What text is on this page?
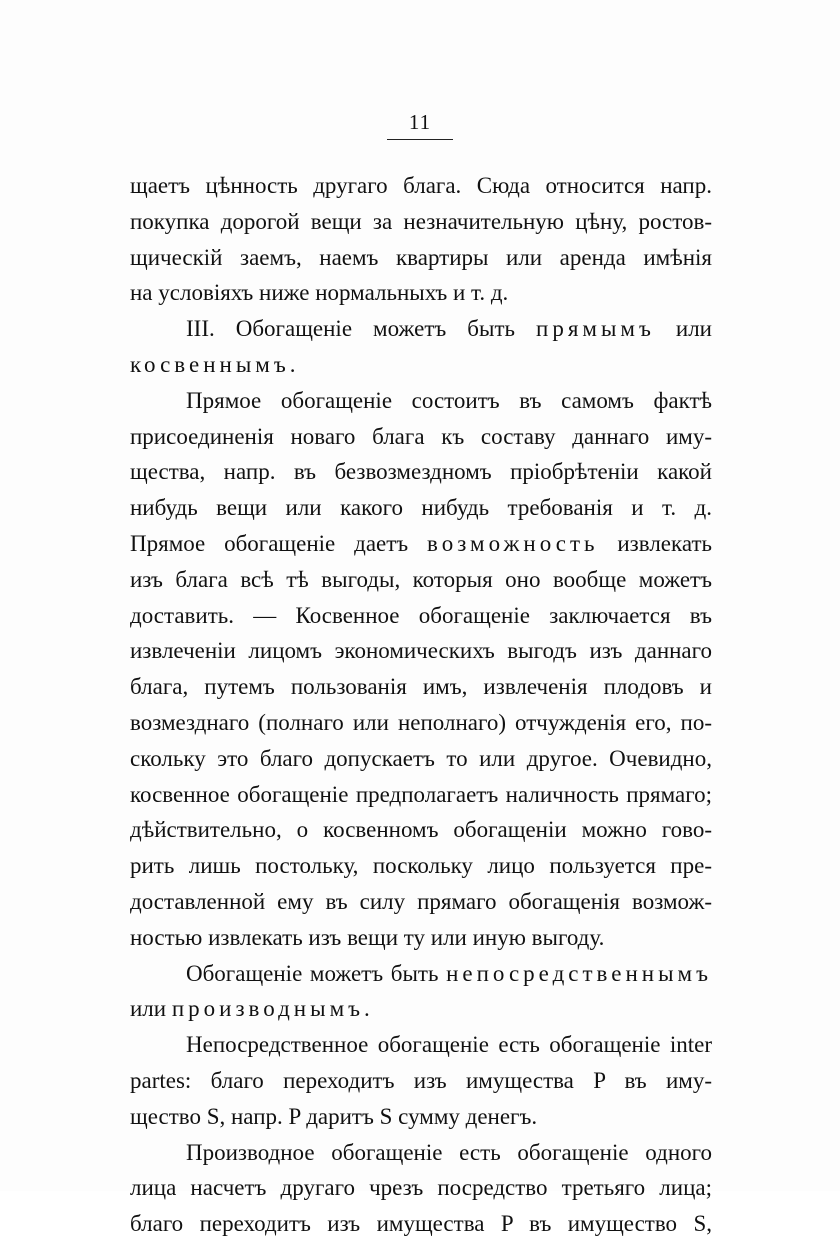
11
щаетъ цѣнность другаго блага. Сюда относится напр.
покупка дорогой вещи за незначительную цѣну, ростов-
щическій заемъ, наемъ квартиры или аренда имѣнія
на условіяхъ ниже нормальныхъ и т. д.
III. Обогащеніе можетъ быть прямымъ или
косвеннымъ.
Прямое обогащеніе состоитъ въ самомъ фактѣ
присоединенія новаго блага къ составу даннаго иму-
щества, напр. въ безвозмездномъ пріобрѣтеніи какой
нибудь вещи или какого нибудь требованія и т. д.
Прямое обогащеніе даетъ возможность извлекать
изъ блага всѣ тѣ выгоды, которыя оно вообще можетъ
доставить. — Косвенное обогащеніе заключается въ
извлеченіи лицомъ экономическихъ выгодъ изъ даннаго
блага, путемъ пользованія имъ, извлеченія плодовъ и
возмезднаго (полнаго или неполнаго) отчужденія его, по-
скольку это благо допускаетъ то или другое. Очевидно,
косвенное обогащеніе предполагаетъ наличность прямаго;
дѣйствительно, о косвенномъ обогащеніи можно гово-
рить лишь постольку, поскольку лицо пользуется пре-
доставленной ему въ силу прямаго обогащенія возмож-
ностью извлекать изъ вещи ту или иную выгоду.
Обогащеніе можетъ быть непосредственнымъ
или производнымъ.
Непосредственное обогащеніе есть обогащеніе inter
partes: благо переходитъ изъ имущества P въ иму-
щество S, напр. P даритъ S сумму денегъ.
Производное обогащеніе есть обогащеніе одного
лица насчетъ другаго чрезъ посредство третьяго лица;
благо переходитъ изъ имущества P въ имущество S,
